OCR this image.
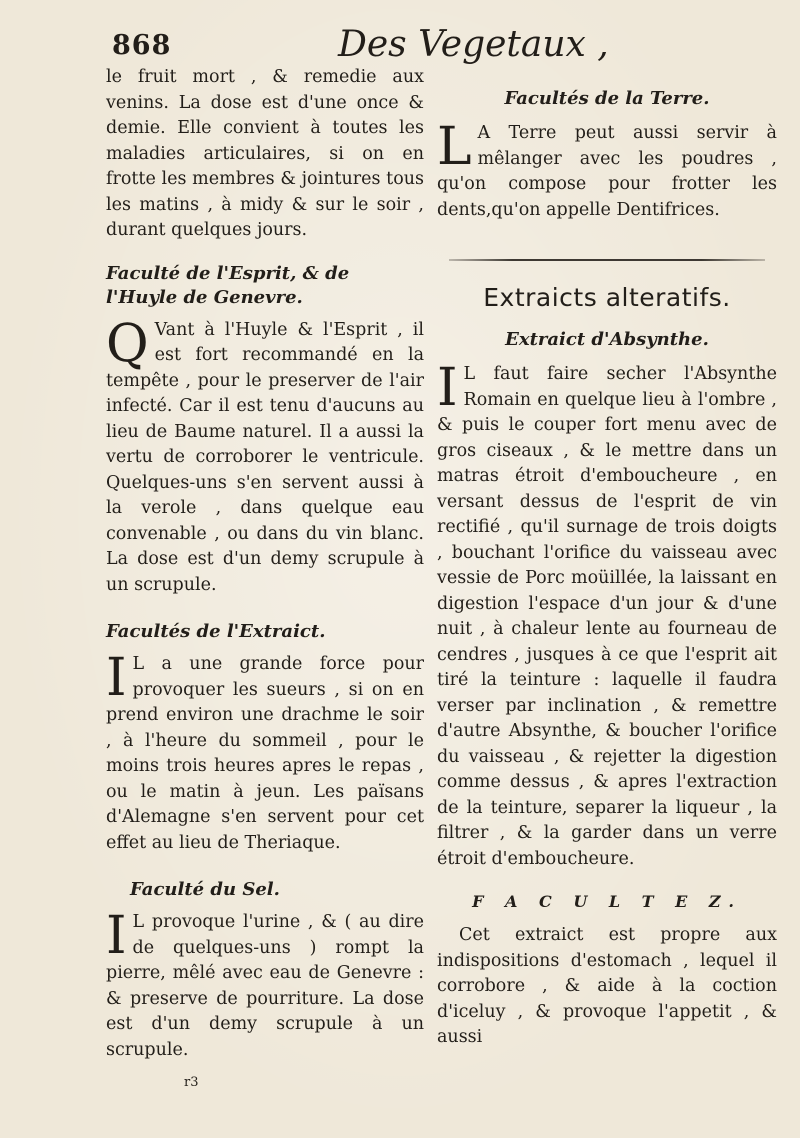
868	Des Vegetaux ,

le fruit mort , & remedie aux venins. La dose est d'une once & demie. Elle convient à toutes les maladies articulaires, si on en frotte les membres & jointures tous les matins , à midy & sur le soir , durant quelques jours.

Faculté de l'Esprit, & de l'Huyle de Genevre.

Q Vant à l'Huyle & l'Esprit , il est fort recommandé en la tempête , pour le preserver de l'air infecté. Car il est tenu d'aucuns au lieu de Baume naturel. Il a aussi la vertu de corroborer le ventricule. Quelques-uns s'en servent aussi à la verole , dans quelque eau convenable , ou dans du vin blanc. La dose est d'un demy scrupule à un scrupule.

Facultés de l'Extraict.

I L a une grande force pour provoquer les sueurs , si on en prend environ une drachme le soir , à l'heure du sommeil , pour le moins trois heures apres le repas , ou le matin à jeun. Les païsans d'Alemagne s'en servent pour cet effet au lieu de Theriaque.

Faculté du Sel.

I L provoque l'urine , & ( au dire de quelques-uns ) rompt la pierre, mêlé avec eau de Genevre : & preserve de pourriture. La dose est d'un demy scrupule à un scrupule.

r3

Facultés de la Terre.

L A Terre peut aussi servir à mêlanger avec les poudres , qu'on compose pour frotter les dents,qu'on appelle Dentifrices.

Extraicts alteratifs.

Extraict d'Absynthe.

I L faut faire secher l'Absynthe Romain en quelque lieu à l'ombre , & puis le couper fort menu avec de gros ciseaux , & le mettre dans un matras étroit d'emboucheure , en versant dessus de l'esprit de vin rectifié , qu'il surnage de trois doigts , bouchant l'orifice du vaisseau avec vessie de Porc moüillée, la laissant en digestion l'espace d'un jour & d'une nuit , à chaleur lente au fourneau de cendres , jusques à ce que l'esprit ait tiré la teinture : laquelle il faudra verser par inclination , & remettre d'autre Absynthe, & boucher l'orifice du vaisseau , & rejetter la digestion comme dessus , & apres l'extraction de la teinture, separer la liqueur , la filtrer , & la garder dans un verre étroit d'emboucheure.

F A C U L T E Z.

Cet extraict est propre aux indispositions d'estomach , lequel il corrobore , & aide à la coction d'iceluy , & provoque l'appetit , & aussi
